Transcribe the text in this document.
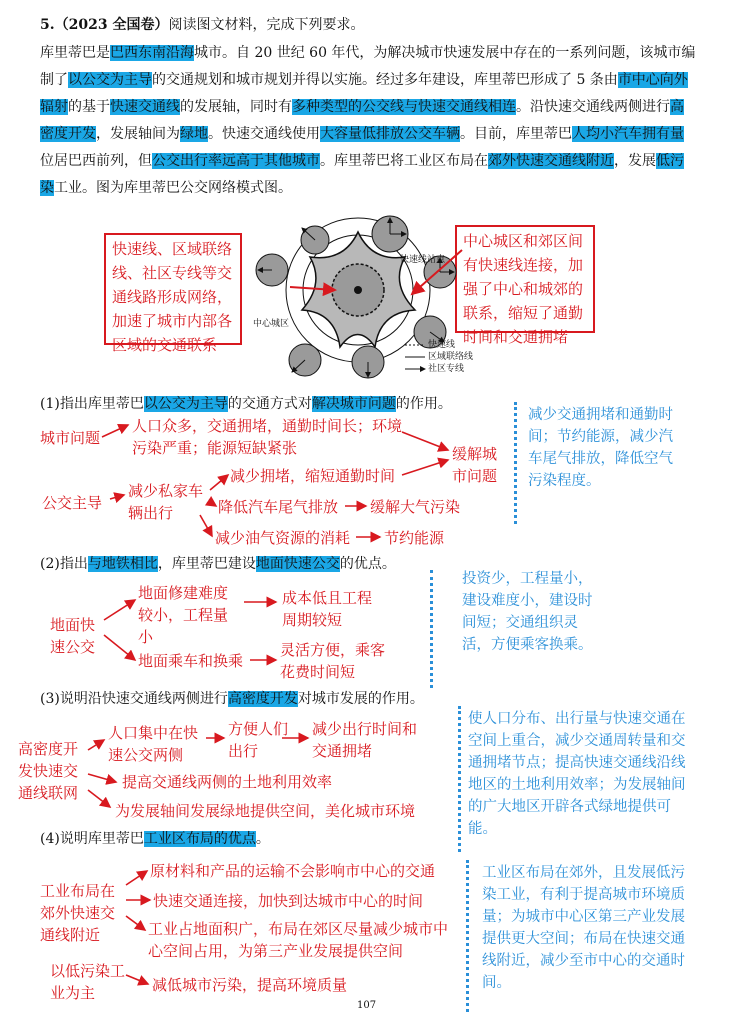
5.（2023 全国卷）阅读图文材料，完成下列要求。
库里蒂巴是巴西东南沿海城市。自 20 世纪 60 年代，为解决城市快速发展中存在的一系列问题，该城市编
制了以公交为主导的交通规划和城市规划并得以实施。经过多年建设，库里蒂巴形成了 5 条由市中心向外
辐射的基于快速交通线的发展轴，同时有多种类型的公交线与快速交通线相连。沿快速交通线两侧进行高
密度开发，发展轴间为绿地。快速交通线使用大容量低排放公交车辆。目前，库里蒂巴人均小汽车拥有量
位居巴西前列，但公交出行率远高于其他城市。库里蒂巴将工业区布局在郊外快速交通线附近，发展低污
染工业。图为库里蒂巴公交网络模式图。
快速线、区域联络线、社区专线等交通线路形成网络，加速了城市内部各区域的交通联系
中心城区和郊区间有快速线连接，加强了中心和城郊的联系，缩短了通勤时间和交通拥堵
快速线站点
中心城区
快速线
区域联络线
社区专线
(1)指出库里蒂巴以公交为主导的交通方式对解决城市问题的作用。
城市问题
人口众多，交通拥堵，通勤时间长；环境污染严重；能源短缺紧张	缓解城市问题
公交主导
减少私家车辆出行
减少拥堵，缩短通勤时间
降低汽车尾气排放 缓解大气污染
减少油气资源的消耗 节约能源
减少交通拥堵和通勤时间；节约能源，减少汽车尾气排放，降低空气污染程度。
(2)指出与地铁相比，库里蒂巴建设地面快速公交的优点。
地面快速公交
地面修建难度较小，工程量小
成本低且工程周期较短
地面乘车和换乘
灵活方便，乘客花费时间短
投资少，工程量小，建设难度小，建设时间短；交通组织灵活，方便乘客换乘。
(3)说明沿快速交通线两侧进行高密度开发对城市发展的作用。
高密度开发快速交通线联网
人口集中在快速公交两侧
方便人们出行
减少出行时间和交通拥堵
提高交通线两侧的土地利用效率
为发展轴间发展绿地提供空间，美化城市环境
使人口分布、出行量与快速交通在空间上重合，减少交通周转量和交通拥堵节点；提高快速交通线沿线地区的土地利用效率；为发展轴间的广大地区开辟各式绿地提供可能。
(4)说明库里蒂巴工业区布局的优点。
工业布局在郊外快速交通线附近
原材料和产品的运输不会影响市中心的交通
快速交通连接，加快到达城市中心的时间
工业占地面积广，布局在郊区尽量减少城市中心空间占用，为第三产业发展提供空间
以低污染工业为主	减低城市污染，提高环境质量
工业区布局在郊外，且发展低污染工业，有利于提高城市环境质量；为城市中心区第三产业发展提供更大空间；布局在快速交通线附近，减少至市中心的交通时间。
107
